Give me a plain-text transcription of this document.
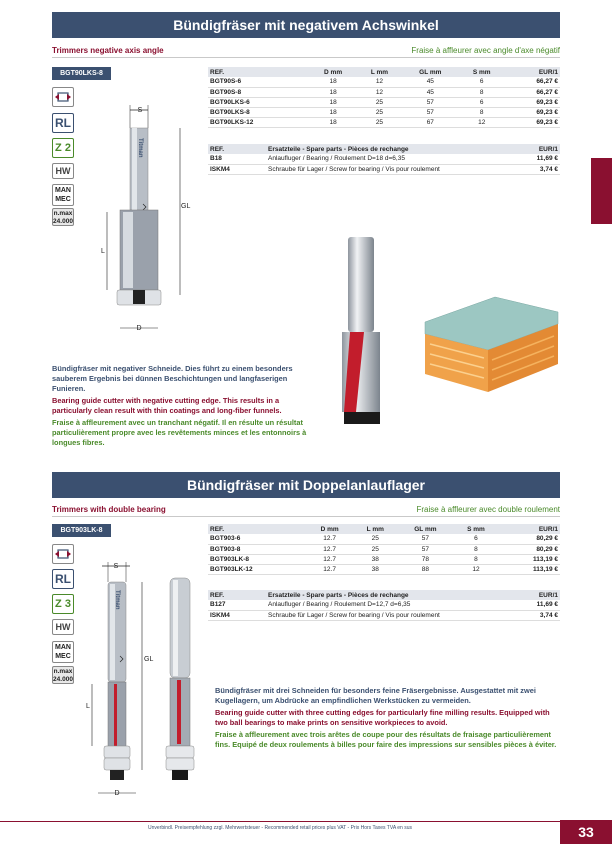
Bündigfräser mit negativem Achswinkel
Trimmers negative axis angle	Fraise à affleurer avec angle d'axe négatif
BGT90LKS-8
RL
Z 2
HW
MAN
MEC
n.max
24.000
S
Titman
GL
L
D
REF.	D mm	L mm	GL mm	S mm	EUR/1
BGT90S-6	18	12	45	6	66,27 €
BGT90S-8	18	12	45	8	66,27 €
BGT90LKS-6	18	25	57	6	69,23 €
BGT90LKS-8	18	25	57	8	69,23 €
BGT90LKS-12	18	25	67	12	69,23 €
REF.	Ersatzteile - Spare parts - Pièces de rechange	EUR/1
B18	Anlaufluger / Bearing / Roulement D=18 d=6,35	11,69 €
ISKM4	Schraube für Lager / Screw for bearing / Vis pour roulement	3,74 €

Bündigfräser mit negativer Schneide. Dies führt zu einem besonders sauberem Ergebnis bei dünnen Beschichtungen und langfaserigen Funieren.

Bearing guide cutter with negative cutting edge. This results in a particularly clean result with thin coatings and long-fiber funnels.

Fraise à affleurement avec un tranchant négatif. Il en résulte un résultat particulièrement propre avec les revêtements minces et les entonnoirs à longues fibres.

Bündigfräser mit Doppelanlauflager
Trimmers with double bearing	Fraise à affleurer avec double roulement
BGT903LK-8
RL
Z 3
HW
MAN
MEC
n.max
24.000
S
Titman
GL
L
D
REF.	D mm	L mm	GL mm	S mm	EUR/1
BGT903-6	12.7	25	57	6	80,29 €
BGT903-8	12.7	25	57	8	80,29 €
BGT903LK-8	12.7	38	78	8	113,19 €
BGT903LK-12	12.7	38	88	12	113,19 €
REF.	Ersatzteile - Spare parts - Pièces de rechange	EUR/1
B127	Anlaufluger / Bearing / Roulement D=12,7 d=6,35	11,69 €
ISKM4	Schraube für Lager / Screw for bearing / Vis pour roulement	3,74 €

Bündigfräser mit drei Schneiden für besonders feine Fräsergebnisse. Ausgestattet mit zwei Kugellagern, um Abdrücke an empfindlichen Werkstücken zu vermeiden.

Bearing guide cutter with three cutting edges for particularly fine milling results. Equipped with two ball bearings to make prints on sensitive workpieces to avoid.

Fraise à affleurement avec trois arêtes de coupe pour des résultats de fraisage particulièrement fins. Equipé de deux roulements à billes pour faire des impressions sur sensibles pièces à éviter.

Unverbindl. Preisempfehlung zzgl. Mehrwertsteuer - Recommended retail prices plus VAT - Prix Hors Taxes TVA en sus	33
